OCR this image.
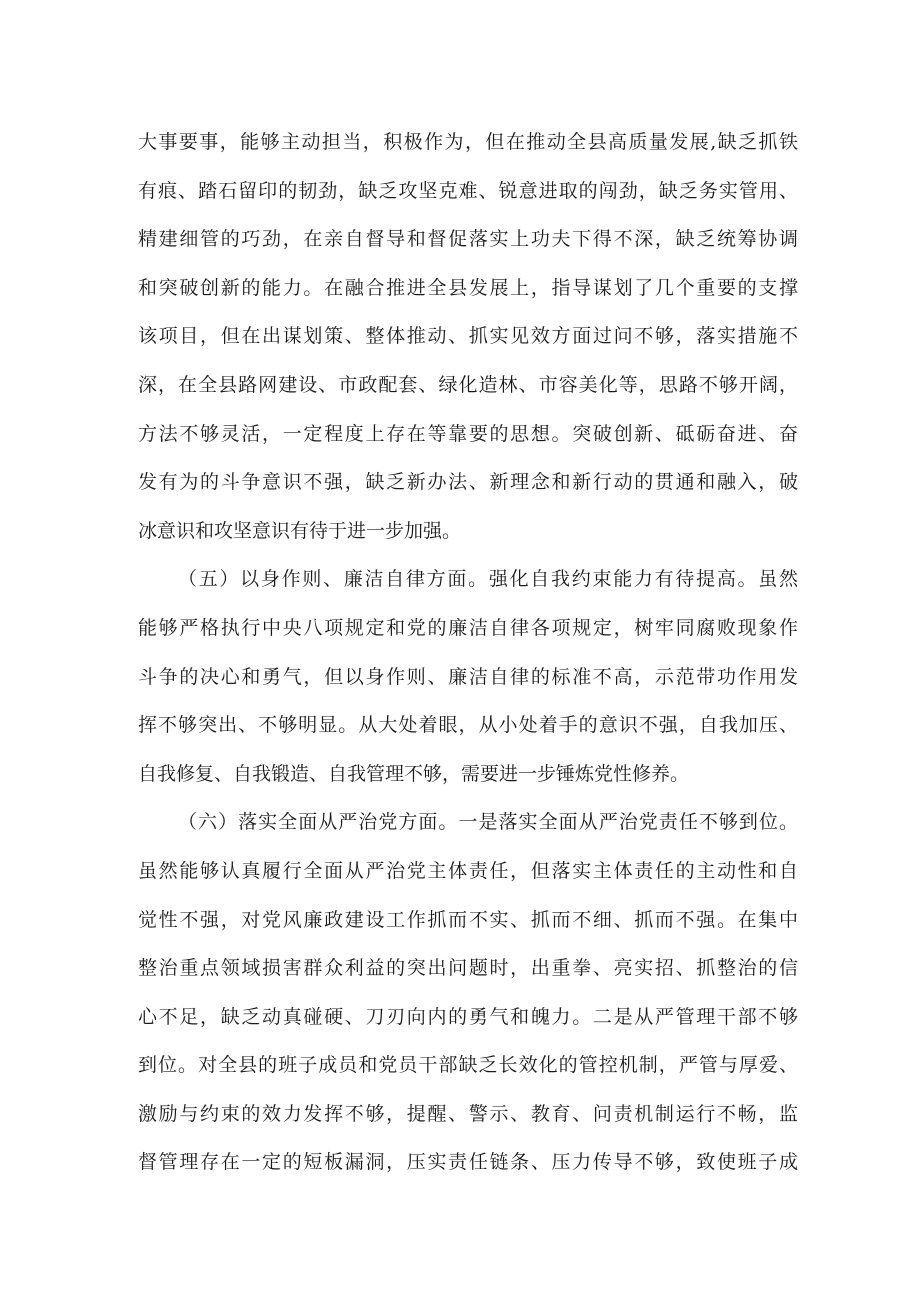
大事要事，能够主动担当，积极作为，但在推动全县高质量发展,缺乏抓铁
有痕、踏石留印的韧劲，缺乏攻坚克难、锐意进取的闯劲，缺乏务实管用、
精建细管的巧劲，在亲自督导和督促落实上功夫下得不深，缺乏统筹协调
和突破创新的能力。在融合推进全县发展上，指导谋划了几个重要的支撑
该项目，但在出谋划策、整体推动、抓实见效方面过问不够，落实措施不
深，在全县路网建设、市政配套、绿化造林、市容美化等，思路不够开阔，
方法不够灵活，一定程度上存在等靠要的思想。突破创新、砥砺奋进、奋
发有为的斗争意识不强，缺乏新办法、新理念和新行动的贯通和融入，破
冰意识和攻坚意识有待于进一步加强。
（五）以身作则、廉洁自律方面。强化自我约束能力有待提高。虽然
能够严格执行中央八项规定和党的廉洁自律各项规定，树牢同腐败现象作
斗争的决心和勇气，但以身作则、廉洁自律的标准不高，示范带功作用发
挥不够突出、不够明显。从大处着眼，从小处着手的意识不强，自我加压、
自我修复、自我锻造、自我管理不够，需要进一步锤炼党性修养。
（六）落实全面从严治党方面。一是落实全面从严治党责任不够到位。
虽然能够认真履行全面从严治党主体责任，但落实主体责任的主动性和自
觉性不强，对党风廉政建设工作抓而不实、抓而不细、抓而不强。在集中
整治重点领域损害群众利益的突出问题时，出重拳、亮实招、抓整治的信
心不足，缺乏动真碰硬、刀刃向内的勇气和魄力。二是从严管理干部不够
到位。对全县的班子成员和党员干部缺乏长效化的管控机制，严管与厚爱、
激励与约束的效力发挥不够，提醒、警示、教育、问责机制运行不畅，监
督管理存在一定的短板漏洞，压实责任链条、压力传导不够，致使班子成
